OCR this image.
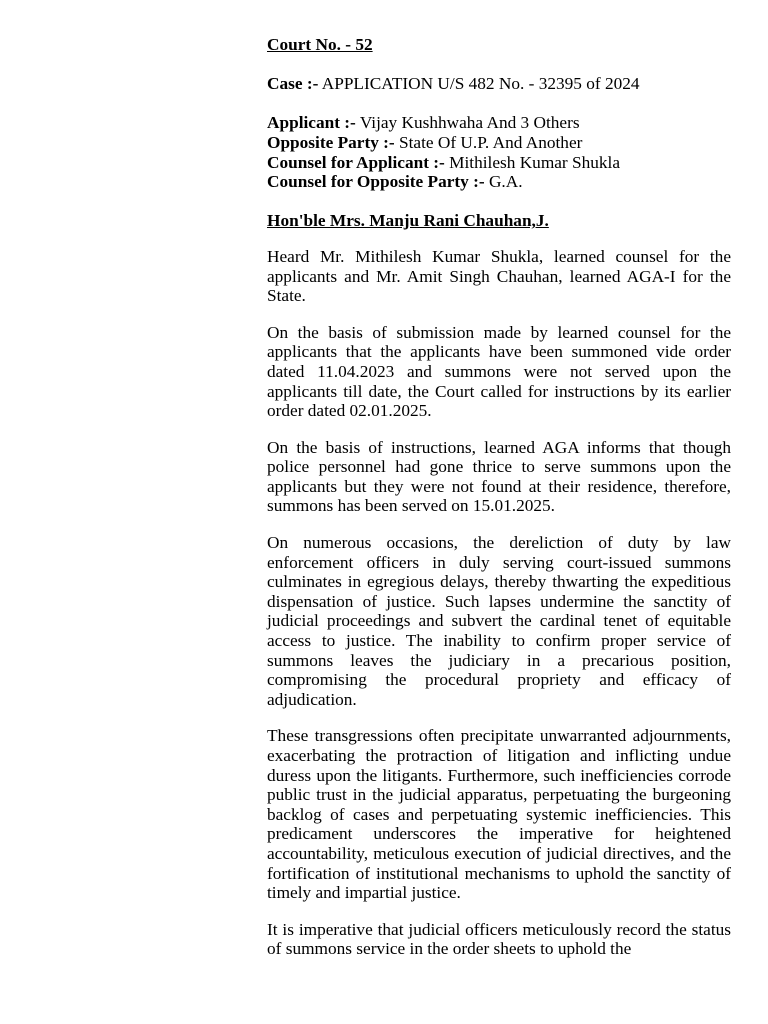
Court No. - 52
Case :- APPLICATION U/S 482 No. - 32395 of 2024
Applicant :- Vijay Kushhwaha And 3 Others
Opposite Party :- State Of U.P. And Another
Counsel for Applicant :- Mithilesh Kumar Shukla
Counsel for Opposite Party :- G.A.
Hon'ble Mrs. Manju Rani Chauhan,J.

Heard Mr. Mithilesh Kumar Shukla, learned counsel for the applicants and Mr. Amit Singh Chauhan, learned AGA-I for the State.

On the basis of submission made by learned counsel for the applicants that the applicants have been summoned vide order dated 11.04.2023 and summons were not served upon the applicants till date, the Court called for instructions by its earlier order dated 02.01.2025.

On the basis of instructions, learned AGA informs that though police personnel had gone thrice to serve summons upon the applicants but they were not found at their residence, therefore, summons has been served on 15.01.2025.

On numerous occasions, the dereliction of duty by law enforcement officers in duly serving court-issued summons culminates in egregious delays, thereby thwarting the expeditious dispensation of justice. Such lapses undermine the sanctity of judicial proceedings and subvert the cardinal tenet of equitable access to justice. The inability to confirm proper service of summons leaves the judiciary in a precarious position, compromising the procedural propriety and efficacy of adjudication.

These transgressions often precipitate unwarranted adjournments, exacerbating the protraction of litigation and inflicting undue duress upon the litigants. Furthermore, such inefficiencies corrode public trust in the judicial apparatus, perpetuating the burgeoning backlog of cases and perpetuating systemic inefficiencies. This predicament underscores the imperative for heightened accountability, meticulous execution of judicial directives, and the fortification of institutional mechanisms to uphold the sanctity of timely and impartial justice.

It is imperative that judicial officers meticulously record the status of summons service in the order sheets to uphold the
